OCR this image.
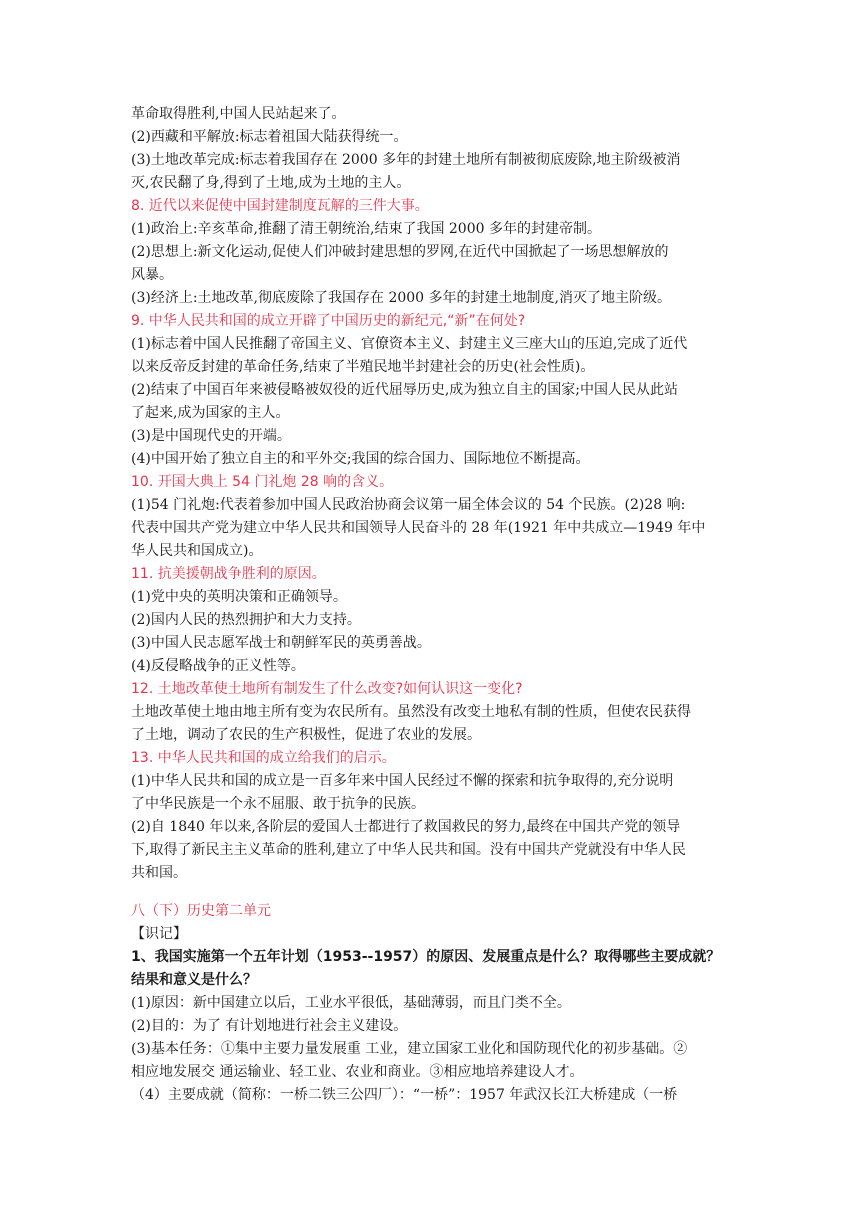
革命取得胜利,中国人民站起来了。
(2)西藏和平解放:标志着祖国大陆获得统一。
(3)土地改革完成:标志着我国存在 2000 多年的封建土地所有制被彻底废除,地主阶级被消
灭,农民翻了身,得到了土地,成为土地的主人。
8. 近代以来促使中国封建制度瓦解的三件大事。
(1)政治上:辛亥革命,推翻了清王朝统治,结束了我国 2000 多年的封建帝制。
(2)思想上:新文化运动,促使人们冲破封建思想的罗网,在近代中国掀起了一场思想解放的
风暴。
(3)经济上:土地改革,彻底废除了我国存在 2000 多年的封建土地制度,消灭了地主阶级。
9. 中华人民共和国的成立开辟了中国历史的新纪元,“新”在何处?
(1)标志着中国人民推翻了帝国主义、官僚资本主义、封建主义三座大山的压迫,完成了近代
以来反帝反封建的革命任务,结束了半殖民地半封建社会的历史(社会性质)。
(2)结束了中国百年来被侵略被奴役的近代屈辱历史,成为独立自主的国家;中国人民从此站
了起来,成为国家的主人。
(3)是中国现代史的开端。
(4)中国开始了独立自主的和平外交;我国的综合国力、国际地位不断提高。
10. 开国大典上 54 门礼炮 28 响的含义。
(1)54 门礼炮:代表着参加中国人民政治协商会议第一届全体会议的 54 个民族。(2)28 响:
代表中国共产党为建立中华人民共和国领导人民奋斗的 28 年(1921 年中共成立—1949 年中
华人民共和国成立)。
11. 抗美援朝战争胜利的原因。
(1)党中央的英明决策和正确领导。
(2)国内人民的热烈拥护和大力支持。
(3)中国人民志愿军战士和朝鲜军民的英勇善战。
(4)反侵略战争的正义性等。
12. 土地改革使土地所有制发生了什么改变?如何认识这一变化?
土地改革使土地由地主所有变为农民所有。虽然没有改变土地私有制的性质，但使农民获得
了土地，调动了农民的生产积极性，促进了农业的发展。
13. 中华人民共和国的成立给我们的启示。
(1)中华人民共和国的成立是一百多年来中国人民经过不懈的探索和抗争取得的,充分说明
了中华民族是一个永不屈服、敢于抗争的民族。
(2)自 1840 年以来,各阶层的爱国人士都进行了救国救民的努力,最终在中国共产党的领导
下,取得了新民主主义革命的胜利,建立了中华人民共和国。没有中国共产党就没有中华人民
共和国。
八（下）历史第二单元
【识记】
1、我国实施第一个五年计划（1953--1957）的原因、发展重点是什么？取得哪些主要成就？
结果和意义是什么？
(1)原因：新中国建立以后，工业水平很低，基础薄弱，而且门类不全。
(2)目的：为了 有计划地进行社会主义建设。
(3)基本任务：①集中主要力量发展重 工业，建立国家工业化和国防现代化的初步基础。②
相应地发展交 通运输业、轻工业、农业和商业。③相应地培养建设人才。
（4）主要成就（简称：一桥二铁三公四厂）：“一桥”：1957 年武汉长江大桥建成（一桥
